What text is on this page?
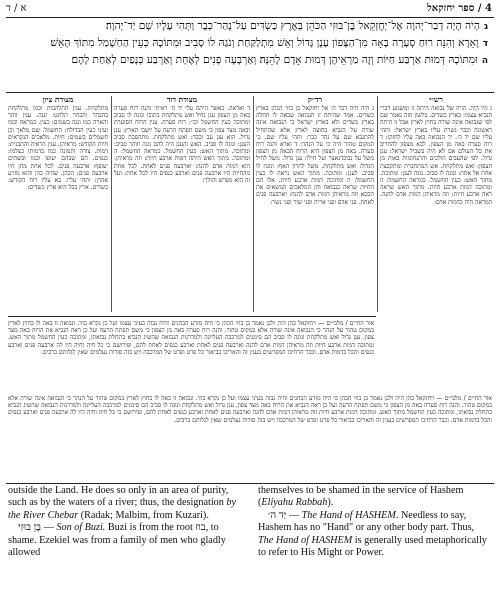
א / ד	4 / ספר יחזקאל

גהָיֹה הָיָה דְבַר־יְהוָה אֶל־יְחֶזְקֵאל בֶּן־בּוּזִי הַכֹּהֵן בְּאֶרֶץ כַּשְׂדִּים עַל־נְהַר־כְּבָר וַתְּהִי עָלָיו שָׁם יַד־יְהוָה׃

דוָאֵרֶא וְהִנֵּה רוּחַ סְעָרָה בָּאָה מִן־הַצָּפוֹן עָנָן גָּדוֹל וְאֵשׁ מִתְלַקַּחַת וְנֹגַהּ לוֹ סָבִיב וּמִתּוֹכָהּ כְּעֵין הַחַשְׁמַל מִתּוֹךְ הָאֵשׁ׃

הוּמִתּוֹכָהּ דְּמוּת אַרְבַּע חַיּוֹת וְזֶה מַרְאֵיהֶן דְּמוּת אָדָם לָהֵנָּה׃ וְאַרְבָּעָה פָנִים לְאֶחָת וְאַרְבַּע כְּנָפַיִם לְאַחַת לָהֶם׃

מצודת ציון
מתלקחת. ענין התלהבות וכמו מתלקחת בהבהר והבהר תלהט: ונגה. ענין זוהר והארה כמו ונגה בשמים: כעין. כמראה וכמו ועינו כעין הבדולח: החשמל. שם מלאך וכן חשמלים בשמים: חיות. מלאכים הנקראים חיות הקודש: מראיהן. ענין הראיה והתבנית: דמות. צורה ותמונה כמו בדמותו כצלמו: כנפים. הם שבהם יעופו וכמו ובשתים יעופף: ארבעה פנים. לכל אחת מהן היו ארבעה פנים: הכהן. שהיה כהן והוא מזרע אהרן: ותהי עליו. בא עליו רוח הקודש: כשדים. ארץ בבל היא ארץ כשדים:
מצודת דוד
ד ואראה. כאשר היתה עלי יד ה׳ ראיתי והנה רוח סערה באה מן הצפון ענן גדול ואש מתלקחת בתוכו ונוגה לו סביב ומתוכה כעין החשמל וכו׳: רוח סערה. ענין הרוח הסוערת ובאה מצד צפון כי משם תפתח הרעה על יושבי הארץ: ענן גדול. הוא ענן עב וכבד: ואש מתלקחת. מתהפכת סביב הענן: ונוגה לו סביב. האש והענן היה להם נוגה וזוהר סביב: ומתוכה. מתוך האש: כעין החשמל. כמראה החשמל: ה ומתוכה. מתוך האש היתה דמות ארבע חיות: וזה מראיהן. הוא דמות אדם להנה: וארבעה פנים לאחת. לכל אחת מהחיות היו ארבעה פנים וארבע כנפים היו לכל אחת: ועל זה הוא מפרש והולך:
רד״ק
ג היה היה דבר ה׳ אל יחזקאל בן בוזי הכהן בארץ כשדים. אמר שהיתה זו הנבואה שבאה לו תחלה בארץ כשדים ולא בארץ ישראל כי הנבואה אינה שורה על הנביא בחוצה לארץ אלא שהתחיל להתנבא שם על נהר כבר: ותהי עליו שם. כי המקום טהור היה כי על הנהר: ד וארא והנה רוח סערה. באה מן הצפון היא הרוח הבאה מן הצפון משל על נבוכדנאצר ועל חילו: ענן גדול. משל לחיל הגדול: ואש מתלקחת. משל לחרון האף: ונוגה לו סביב. לענן: ומתוכה. מתוך האש נראה לו כעין החשמל: ה ומתוכה דמות ארבע חיות. אלו הם החיות שראה בנבואה והן המלאכים הנושאים את הכסא וזה מראיהן דמות אדם להנה: וארבעה פנים לאחת. פני אדם ופני אריה ופני שור ופני נשר:
רש״י
ג הָיוֹ הָיָה. הויה של נבואה היתה זו ומשמע דברי הנביא עצמו: בארץ כשדים. בלשון הזה נאמר שם לפי שנבואה אינה שורה בחוץ לארץ אבל זו היתה ראשונה וכבר נשרת עליו בארץ ישראל: ותהי עליו שם יד ה׳. יד הנבואה באה עליו לחזקו: ד רוח סערה באה מן הצפון. לבא מצפון להחריב את כל העולם אם לא היה בשביל ישראל: ענן גדול. לפי שהעבים הולכים והתנחומות באות מן הצפון: ואש מתלקחת. אש המתחברת ומתקבצת אחת אל אחת: ונוגה לו סביב. נוגה לענן: ומתוכה. מתוך האש: כעין החשמל. כמראה החשמל: ה ומתוכה דמות ארבע חיות. מתוך האש שראה ראה ארבע חיות: וזה מראיהן דמות אדם להנה. המראה היה כדמות אדם:
אור החיים / מלבי״ם — ויחזקאל כהן היה ולכן נאמר בן בוזי הכהן כי היה מזרע הכהנים והיה נבזה בעיני עצמו ועל כן נקרא בוזי. ונבואה זו באה לו בחוץ לארץ במקום טהור על הנהר כי הנבואה אינה שורה אלא במקום טהור. והנה רוח סערה באה מן הצפון כי משם תפתח הרעה ועל כן ראה הנביא את הרוח באה מצד צפון. ענן גדול ואש מתלקחת ונוגה לו סביב הם סימנים למרכבה העליונה ולמדרגות הנבואה שהשיג הנביא בתחלת נבואתו, ומתוכה כעין החשמל מתוך האש. ומתוכה דמות ארבע חיות וזה מראיהן דמות אדם להנה וארבעה פנים לאחת וארבע כנפים לאחת להם, ופירושם כי כל חיה וחיה היו לה ארבעה פנים וארבע כנפים והכל בדמות אדם. וכבר הרחיבו המפרשים בענין זה והאריכו בביאור כל פרט ופרט של המרכבה ויש בזה סודות נעלמים שאין לגלותם ברבים.
אור החיים / מלבי״ם — ויחזקאל כהן היה ולכן נאמר בן בוזי הכהן כי היה מזרע הכהנים והיה נבזה בעיני עצמו ועל כן נקרא בוזי. ונבואה זו באה לו בחוץ לארץ במקום טהור על הנהר כי הנבואה אינה שורה אלא במקום טהור. והנה רוח סערה באה מן הצפון כי משם תפתח הרעה ועל כן ראה הנביא את הרוח באה מצד צפון. ענן גדול ואש מתלקחת ונוגה לו סביב הם סימנים למרכבה העליונה ולמדרגות הנבואה שהשיג הנביא בתחלת נבואתו, ומתוכה כעין החשמל מתוך האש. ומתוכה דמות ארבע חיות וזה מראיהן דמות אדם להנה וארבעה פנים לאחת וארבע כנפים לאחת להם, ופירושם כי כל חיה וחיה היו לה ארבעה פנים וארבע כנפים והכל בדמות אדם. וכבר הרחיבו המפרשים בענין זה והאריכו בביאור כל פרט ופרט של המרכבה ויש בזה סודות נעלמים שאין לגלותם ברבים.

outside the Land. He does so only in an area of purity, such as by the waters of a river; thus, the designation by the River Chebar (Radak; Malbim, from Kuzari).

בֶּן בּוּזִי — Son of Buzi. Buzi is from the root בוז, to shame. Ezekiel was from a family of men who gladly allowed

themselves to be shamed in the service of Hashem (Eliyahu Rabbah).

יַד ה׳ — The Hand of HASHEM. Needless to say, Hashem has no "Hand" or any other body part. Thus, The Hand of HASHEM is generally used metaphorically to refer to His Might or Power.
